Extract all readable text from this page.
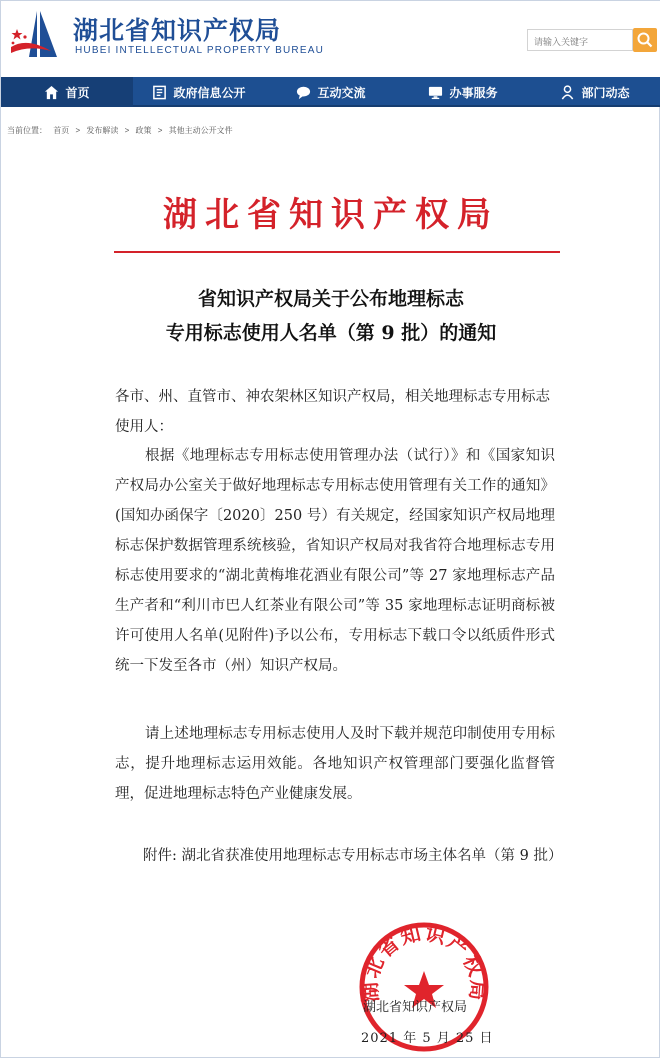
湖北省知识产权局
HUBEI INTELLECTUAL PROPERTY BUREAU
请输入关键字
首页	政府信息公开	互动交流	办事服务	部门动态
当前位置： 首页 > 发布解读 > 政策 > 其他主动公开文件
湖北省知识产权局
省知识产权局关于公布地理标志
专用标志使用人名单（第 9 批）的通知
各市、州、直管市、神农架林区知识产权局，相关地理标志专用标志使用人：
根据《地理标志专用标志使用管理办法（试行）》和《国家知识产权局办公室关于做好地理标志专用标志使用管理有关工作的通知》(国知办函保字〔2020〕250 号）有关规定，经国家知识产权局地理标志保护数据管理系统核验，省知识产权局对我省符合地理标志专用标志使用要求的“湖北黄梅堆花酒业有限公司”等 27 家地理标志产品生产者和“利川市巴人红茶业有限公司”等 35 家地理标志证明商标被许可使用人名单(见附件)予以公布，专用标志下载口令以纸质件形式统一下发至各市（州）知识产权局。
请上述地理标志专用标志使用人及时下载并规范印制使用专用标志，提升地理标志运用效能。各地知识产权管理部门要强化监督管理，促进地理标志特色产业健康发展。
附件: 湖北省获准使用地理标志专用标志市场主体名单（第 9 批）
湖北省知识产权局
湖北省知识产权局
2021 年 5 月 25 日
